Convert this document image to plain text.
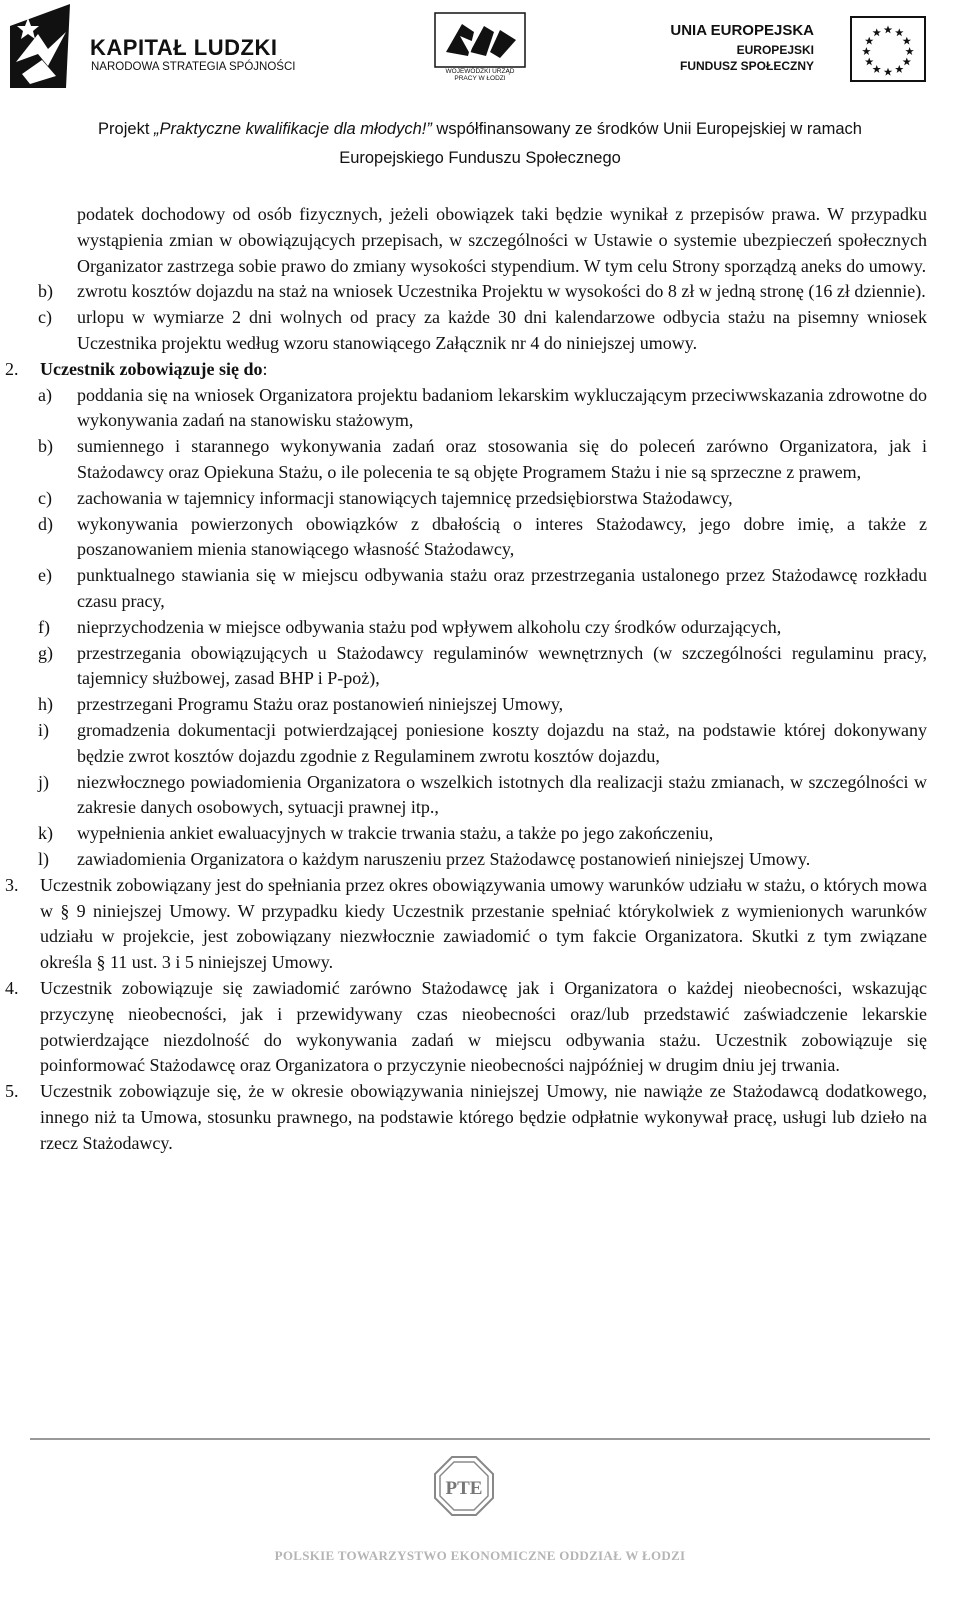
KAPITAŁ LUDZKI
NARODOWA STRATEGIA SPÓJNOŚCI	WOJEWÓDZKI URZĄD PRACY W ŁODZI
UNIA EUROPEJSKA
EUROPEJSKI
FUNDUSZ SPOŁECZNY
Projekt „Praktyczne kwalifikacje dla młodych!” współfinansowany ze środków Unii Europejskiej w ramach
Europejskiego Funduszu Społecznego
podatek dochodowy od osób fizycznych, jeżeli obowiązek taki będzie wynikał z przepisów prawa. W przypadku wystąpienia zmian w obowiązujących przepisach, w szczególności w Ustawie o systemie ubezpieczeń społecznych Organizator zastrzega sobie prawo do zmiany wysokości stypendium. W tym celu Strony sporządzą aneks do umowy.
b) zwrotu kosztów dojazdu na staż na wniosek Uczestnika Projektu w wysokości do 8 zł w jedną stronę (16 zł dziennie).
c) urlopu w wymiarze 2 dni wolnych od pracy za każde 30 dni kalendarzowe odbycia stażu na pisemny wniosek Uczestnika projektu według wzoru stanowiącego Załącznik nr 4 do niniejszej umowy.
2. Uczestnik zobowiązuje się do:
a) poddania się na wniosek Organizatora projektu badaniom lekarskim wykluczającym przeciwwskazania zdrowotne do wykonywania zadań na stanowisku stażowym,
b) sumiennego i starannego wykonywania zadań oraz stosowania się do poleceń zarówno Organizatora, jak i Stażodawcy oraz Opiekuna Stażu, o ile polecenia te są objęte Programem Stażu i nie są sprzeczne z prawem,
c) zachowania w tajemnicy informacji stanowiących tajemnicę przedsiębiorstwa Stażodawcy,
d) wykonywania powierzonych obowiązków z dbałością o interes Stażodawcy, jego dobre imię, a także z poszanowaniem mienia stanowiącego własność Stażodawcy,
e) punktualnego stawiania się w miejscu odbywania stażu oraz przestrzegania ustalonego przez Stażodawcę rozkładu czasu pracy,
f) nieprzychodzenia w miejsce odbywania stażu pod wpływem alkoholu czy środków odurzających,
g) przestrzegania obowiązujących u Stażodawcy regulaminów wewnętrznych (w szczególności regulaminu pracy, tajemnicy służbowej, zasad BHP i P-poż),
h) przestrzegani Programu Stażu oraz postanowień niniejszej Umowy,
i) gromadzenia dokumentacji potwierdzającej poniesione koszty dojazdu na staż, na podstawie której dokonywany będzie zwrot kosztów dojazdu zgodnie z Regulaminem zwrotu kosztów dojazdu,
j) niezwłocznego powiadomienia Organizatora o wszelkich istotnych dla realizacji stażu zmianach, w szczególności w zakresie danych osobowych, sytuacji prawnej itp.,
k) wypełnienia ankiet ewaluacyjnych w trakcie trwania stażu, a także po jego zakończeniu,
l) zawiadomienia Organizatora o każdym naruszeniu przez Stażodawcę postanowień niniejszej Umowy.
3. Uczestnik zobowiązany jest do spełniania przez okres obowiązywania umowy warunków udziału w stażu, o których mowa w § 9 niniejszej Umowy. W przypadku kiedy Uczestnik przestanie spełniać którykolwiek z wymienionych warunków udziału w projekcie, jest zobowiązany niezwłocznie zawiadomić o tym fakcie Organizatora. Skutki z tym związane określa § 11 ust. 3 i 5 niniejszej Umowy.
4. Uczestnik zobowiązuje się zawiadomić zarówno Stażodawcę jak i Organizatora o każdej nieobecności, wskazując przyczynę nieobecności, jak i przewidywany czas nieobecności oraz/lub przedstawić zaświadczenie lekarskie potwierdzające niezdolność do wykonywania zadań w miejscu odbywania stażu. Uczestnik zobowiązuje się poinformować Stażodawcę oraz Organizatora o przyczynie nieobecności najpóźniej w drugim dniu jej trwania.
5. Uczestnik zobowiązuje się, że w okresie obowiązywania niniejszej Umowy, nie nawiąże ze Stażodawcą dodatkowego, innego niż ta Umowa, stosunku prawnego, na podstawie którego będzie odpłatnie wykonywał pracę, usługi lub dzieło na rzecz Stażodawcy.
PTE
POLSKIE TOWARZYSTWO EKONOMICZNE ODDZIAŁ W ŁODZI
